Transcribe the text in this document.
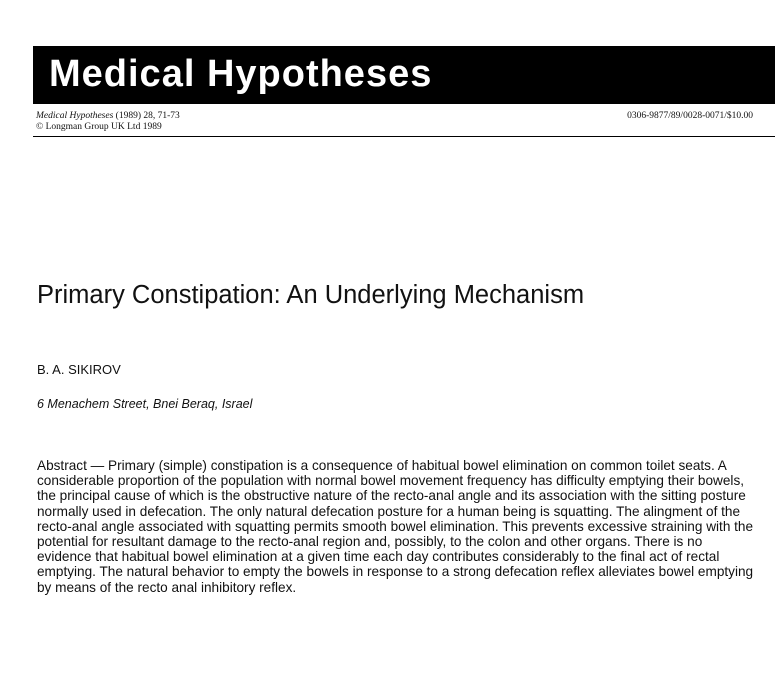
Medical Hypotheses
Medical Hypotheses (1989) 28, 71-73
© Longman Group UK Ltd 1989
0306-9877/89/0028-0071/$10.00
Primary Constipation: An Underlying Mechanism
B. A. SIKIROV
6 Menachem Street, Bnei Beraq, Israel

Abstract — Primary (simple) constipation is a consequence of habitual bowel elimination on common toilet seats. A considerable proportion of the population with normal bowel movement frequency has difficulty emptying their bowels, the principal cause of which is the obstructive nature of the recto-anal angle and its association with the sitting posture normally used in defecation. The only natural defecation posture for a human being is squatting. The alingment of the recto-anal angle associated with squatting permits smooth bowel elimination. This prevents excessive straining with the potential for resultant damage to the recto-anal region and, possibly, to the colon and other organs. There is no evidence that habitual bowel elimination at a given time each day contributes considerably to the final act of rectal emptying. The natural behavior to empty the bowels in response to a strong defecation reflex alleviates bowel emptying by means of the recto anal inhibitory reflex.
